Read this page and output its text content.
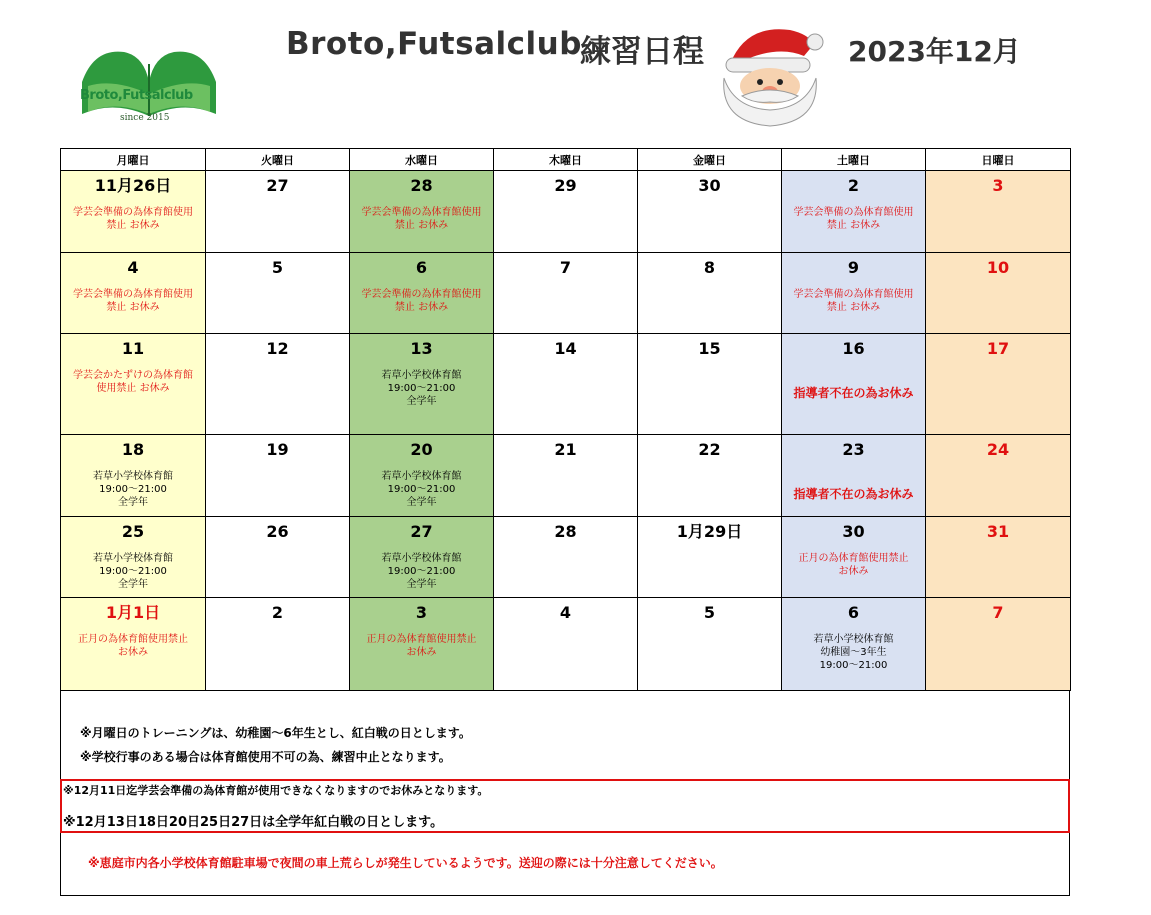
Broto,Futsalclub
since 2015
Broto,Futsalclub
練習日程	2023年12月
月曜日	火曜日	水曜日	木曜日	金曜日	土曜日	日曜日

11月26日
学芸会準備の為体育館使用
禁止 お休み	27	28
学芸会準備の為体育館使用
禁止 お休み	29	30	2
学芸会準備の為体育館使用
禁止 お休み	3

4
学芸会準備の為体育館使用
禁止 お休み	5	6
学芸会準備の為体育館使用
禁止 お休み	7	8	9
学芸会準備の為体育館使用
禁止 お休み	10

11
学芸会かたずけの為体育館
使用禁止 お休み	12	13
若草小学校体育館
19:00～21:00
全学年	14	15	16
指導者不在の為お休み	17

18
若草小学校体育館
19:00～21:00
全学年	19	20
若草小学校体育館
19:00～21:00
全学年	21	22	23
指導者不在の為お休み	24

25
若草小学校体育館
19:00～21:00
全学年	26	27
若草小学校体育館
19:00～21:00
全学年	28	1月29日	30
正月の為体育館使用禁止
お休み	31

1月1日
正月の為体育館使用禁止
お休み	2	3
正月の為体育館使用禁止
お休み	4	5	6
若草小学校体育館
幼稚園～3年生
19:00～21:00	7
※月曜日のトレーニングは、幼稚園～6年生とし、紅白戦の日とします。
※学校行事のある場合は体育館使用不可の為、練習中止となります。
※12月11日迄学芸会準備の為体育館が使用できなくなりますのでお休みとなります。
※12月13日18日20日25日27日は全学年紅白戦の日とします。
※恵庭市内各小学校体育館駐車場で夜間の車上荒らしが発生しているようです。送迎の際には十分注意してください。
